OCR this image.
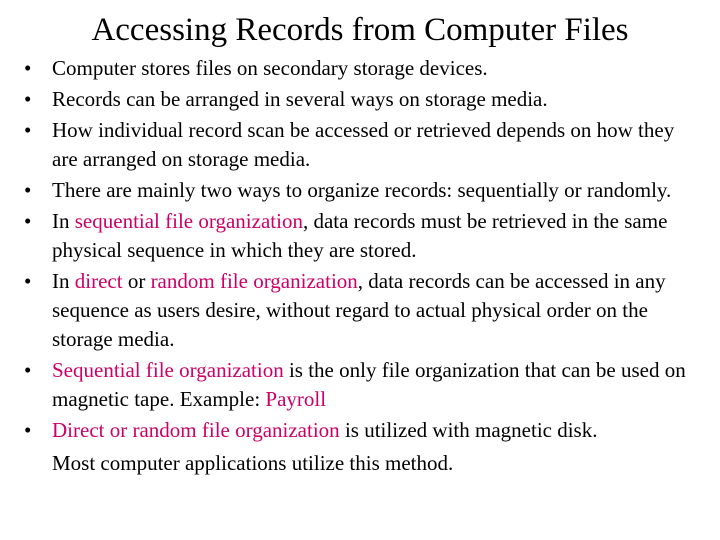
Accessing Records from Computer Files
• Computer stores files on secondary storage devices.
• Records can be arranged in several ways on storage media.
• How individual record scan be accessed or retrieved depends on how they are arranged on storage media.
• There are mainly two ways to organize records: sequentially or randomly.
• In sequential file organization, data records must be retrieved in the same physical sequence in which they are stored.
• In direct or random file organization, data records can be accessed in any sequence as users desire, without regard to actual physical order on the storage media.
• Sequential file organization is the only file organization that can be used on magnetic tape. Example: Payroll
• Direct or random file organization is utilized with magnetic disk.
Most computer applications utilize this method.
